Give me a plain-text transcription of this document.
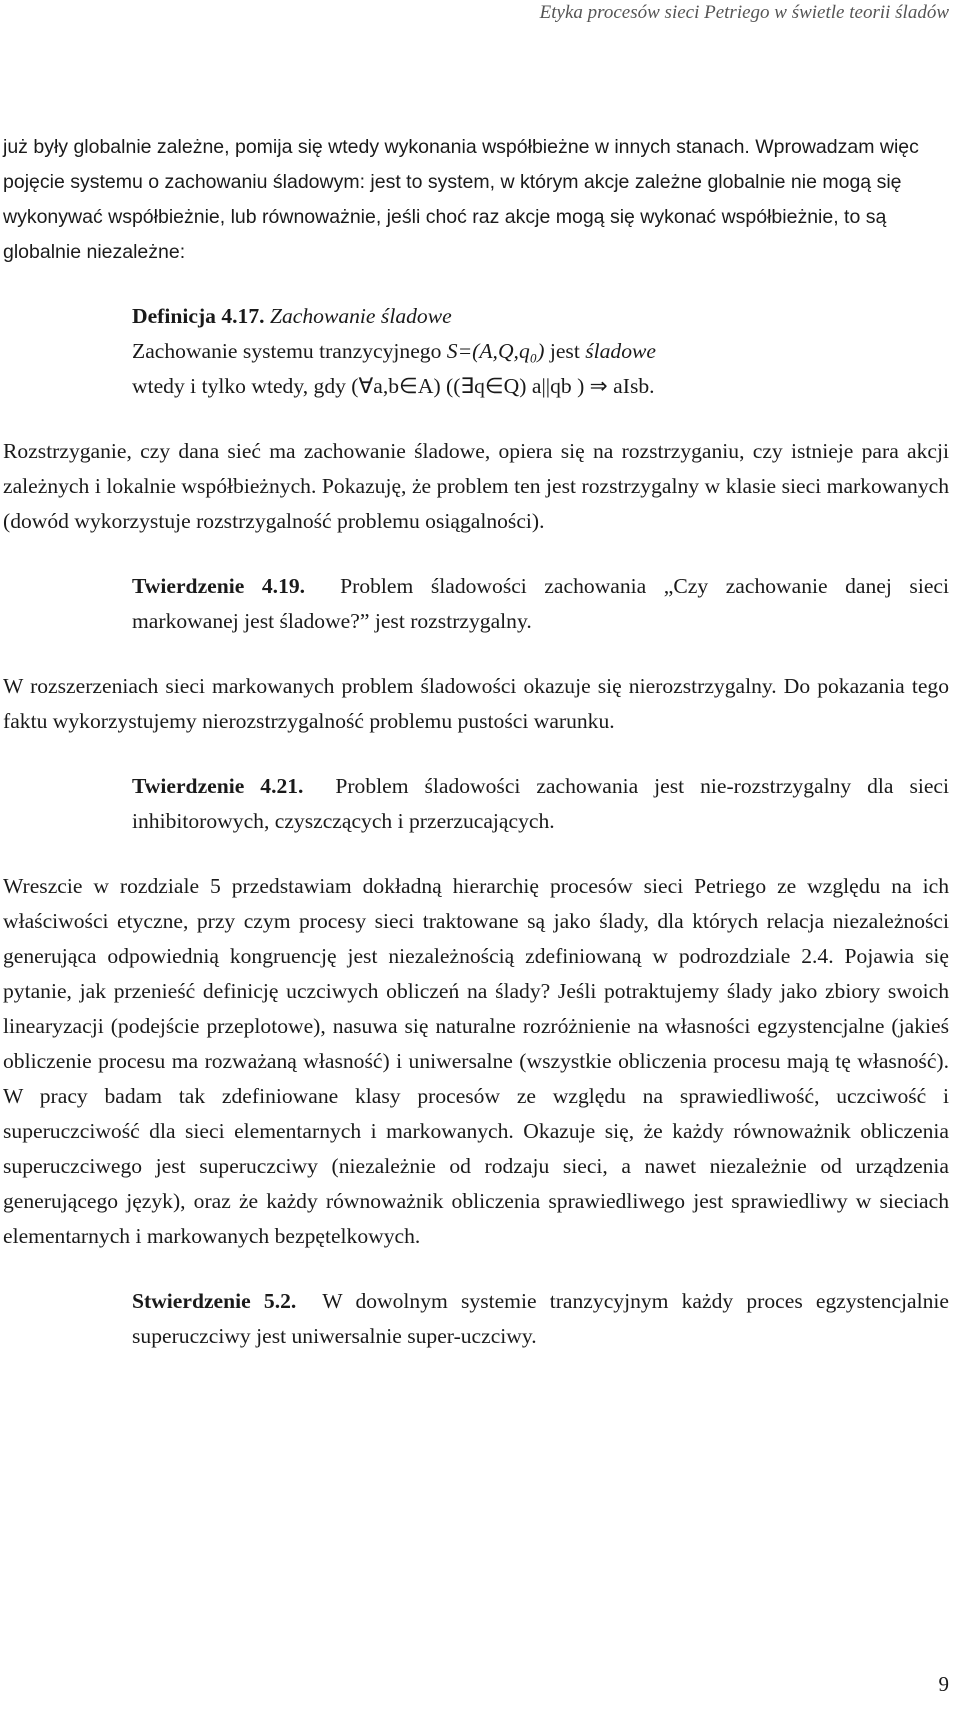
Etyka procesów sieci Petriego w świetle teorii śladów

już były globalnie zależne, pomija się wtedy wykonania współbieżne w innych stanach. Wprowadzam więc pojęcie systemu o zachowaniu śladowym: jest to system, w którym akcje zależne globalnie nie mogą się wykonywać współbieżnie, lub równoważnie, jeśli choć raz akcje mogą się wykonać współbieżnie, to są globalnie niezależne:

Definicja 4.17. Zachowanie śladowe

Zachowanie systemu tranzycyjnego S=(A,Q,q₀) jest śladowe

wtedy i tylko wtedy, gdy (∀a,b∈A) ((∃q∈Q) a||qb ) ⇒ aIsb.

Rozstrzyganie, czy dana sieć ma zachowanie śladowe, opiera się na rozstrzyganiu, czy istnieje para akcji zależnych i lokalnie współbieżnych. Pokazuję, że problem ten jest rozstrzygalny w klasie sieci markowanych (dowód wykorzystuje rozstrzygalność problemu osiągalności).

Twierdzenie 4.19. Problem śladowości zachowania „Czy zachowanie danej sieci markowanej jest śladowe?” jest rozstrzygalny.

W rozszerzeniach sieci markowanych problem śladowości okazuje się nierozstrzygalny. Do pokazania tego faktu wykorzystujemy nierozstrzygalność problemu pustości warunku.

Twierdzenie 4.21. Problem śladowości zachowania jest nie-rozstrzygalny dla sieci inhibitorowych, czyszczących i przerzucających.

Wreszcie w rozdziale 5 przedstawiam dokładną hierarchię procesów sieci Petriego ze względu na ich właściwości etyczne, przy czym procesy sieci traktowane są jako ślady, dla których relacja niezależności generująca odpowiednią kongruencję jest niezależnością zdefiniowaną w podrozdziale 2.4. Pojawia się pytanie, jak przenieść definicję uczciwych obliczeń na ślady? Jeśli potraktujemy ślady jako zbiory swoich linearyzacji (podejście przeplotowe), nasuwa się naturalne rozróżnienie na własności egzystencjalne (jakieś obliczenie procesu ma rozważaną własność) i uniwersalne (wszystkie obliczenia procesu mają tę własność). W pracy badam tak zdefiniowane klasy procesów ze względu na sprawiedliwość, uczciwość i superuczciwość dla sieci elementarnych i markowanych. Okazuje się, że każdy równoważnik obliczenia superuczciwego jest superuczciwy (niezależnie od rodzaju sieci, a nawet niezależnie od urządzenia generującego język), oraz że każdy równoważnik obliczenia sprawiedliwego jest sprawiedliwy w sieciach elementarnych i markowanych bezpętelkowych.

Stwierdzenie 5.2. W dowolnym systemie tranzycyjnym każdy proces egzystencjalnie superuczciwy jest uniwersalnie super-uczciwy.

9
